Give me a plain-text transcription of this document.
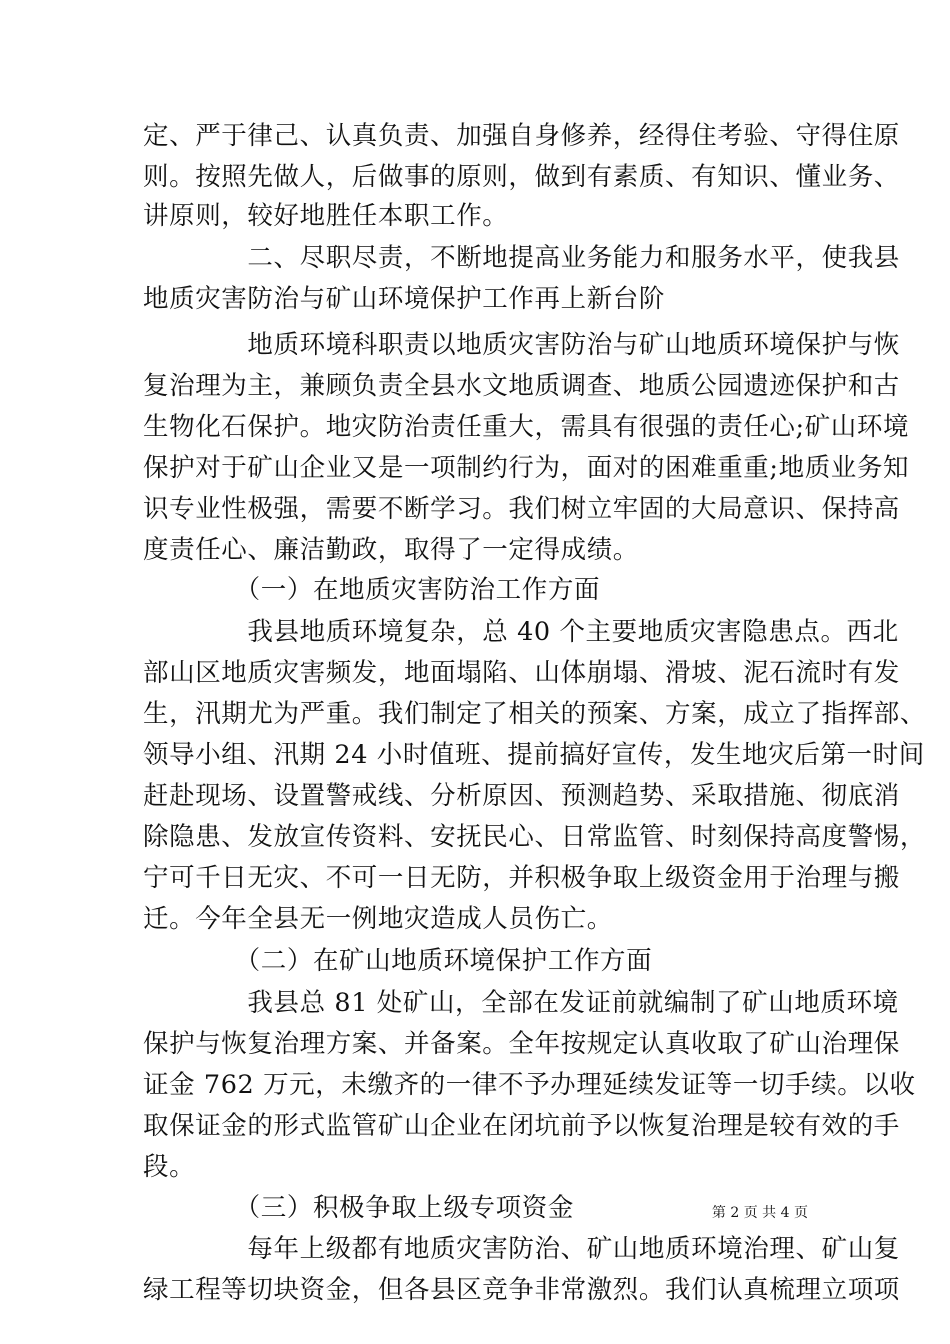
定、严于律己、认真负责、加强自身修养，经得住考验、守得住原
则。按照先做人，后做事的原则，做到有素质、有知识、懂业务、
讲原则，较好地胜任本职工作。
　　　　二、尽职尽责，不断地提高业务能力和服务水平，使我县
地质灾害防治与矿山环境保护工作再上新台阶
　　　　地质环境科职责以地质灾害防治与矿山地质环境保护与恢
复治理为主，兼顾负责全县水文地质调查、地质公园遗迹保护和古
生物化石保护。地灾防治责任重大，需具有很强的责任心;矿山环境
保护对于矿山企业又是一项制约行为，面对的困难重重;地质业务知
识专业性极强，需要不断学习。我们树立牢固的大局意识、保持高
度责任心、廉洁勤政，取得了一定得成绩。
　　　　（一）在地质灾害防治工作方面
　　　　我县地质环境复杂，总 40 个主要地质灾害隐患点。西北
部山区地质灾害频发，地面塌陷、山体崩塌、滑坡、泥石流时有发
生，汛期尤为严重。我们制定了相关的预案、方案，成立了指挥部、
领导小组、汛期 24 小时值班、提前搞好宣传，发生地灾后第一时间
赶赴现场、设置警戒线、分析原因、预测趋势、采取措施、彻底消
除隐患、发放宣传资料、安抚民心、日常监管、时刻保持高度警惕，
宁可千日无灾、不可一日无防，并积极争取上级资金用于治理与搬
迁。今年全县无一例地灾造成人员伤亡。
　　　　（二）在矿山地质环境保护工作方面
　　　　我县总 81 处矿山，全部在发证前就编制了矿山地质环境
保护与恢复治理方案、并备案。全年按规定认真收取了矿山治理保
证金 762 万元，未缴齐的一律不予办理延续发证等一切手续。以收
取保证金的形式监管矿山企业在闭坑前予以恢复治理是较有效的手
段。
　　　　（三）积极争取上级专项资金
　　　　每年上级都有地质灾害防治、矿山地质环境治理、矿山复
绿工程等切块资金，但各县区竞争非常激烈。我们认真梳理立项项
第 2 页 共 4 页
